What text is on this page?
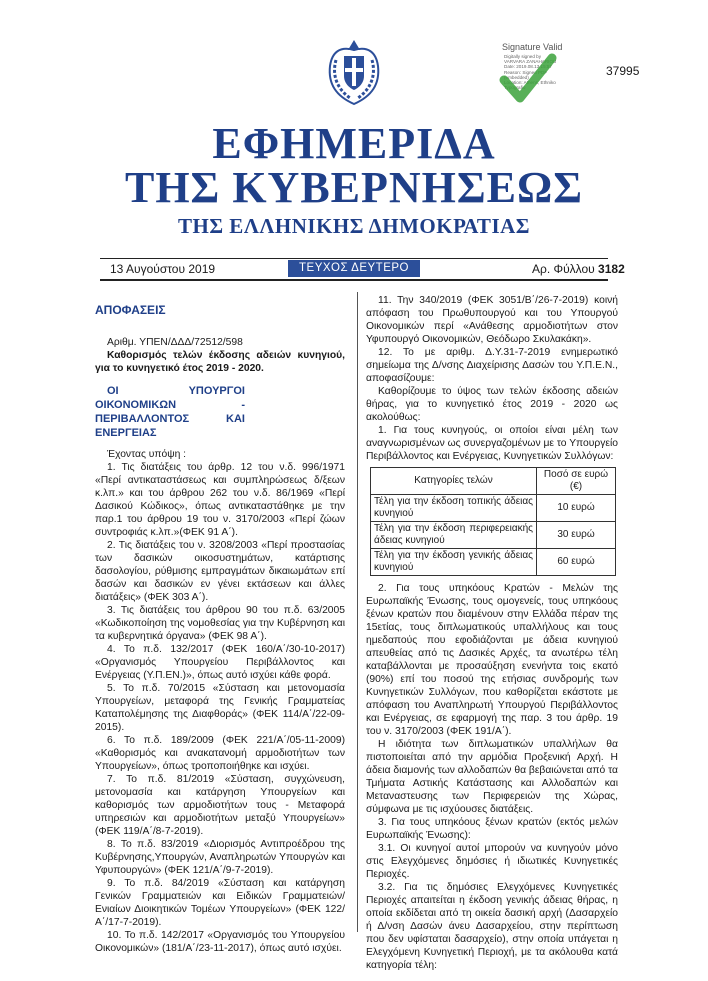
Signature Valid
Digitally signed by
VARVARA ZANAHARIOU
Date: 2019.08.13 15:57
Reason: Signed PDF
(embedded)
Location: Athens, Ethniko
Typografio
37995
ΕΦΗΜΕΡΙΔΑ
ΤΗΣ ΚΥΒΕΡΝΗΣΕΩΣ
ΤΗΣ ΕΛΛΗΝΙΚΗΣ ΔΗΜΟΚΡΑΤΙΑΣ
13 Αυγούστου 2019	ΤΕΥΧΟΣ ΔΕΥΤΕΡΟ	Αρ. Φύλλου 3182

ΑΠΟΦΑΣΕΙΣ

Αριθμ. ΥΠΕΝ/ΔΔΔ/72512/598

Καθορισμός τελών έκδοσης αδειών κυνηγιού, για το κυνηγετικό έτος 2019 - 2020.

ΟΙ ΥΠΟΥΡΓΟΙ ΟΙΚΟΝΟΜΙΚΩΝ - ΠΕΡΙΒΑΛΛΟΝΤΟΣ ΚΑΙ ΕΝΕΡΓΕΙΑΣ

Έχοντας υπόψη :

1. Τις διατάξεις του άρθρ. 12 του ν.δ. 996/1971 «Περί αντικαταστάσεως και συμπληρώσεως δ/ξεων κ.λπ.» και του άρθρου 262 του ν.δ. 86/1969 «Περί Δασικού Κώδικος», όπως αντικαταστάθηκε με την παρ.1 του άρθρου 19 του ν. 3170/2003 «Περί ζώων συντροφιάς κ.λπ.»(ΦΕΚ 91 Α΄).

2. Τις διατάξεις του ν. 3208/2003 «Περί προστασίας των δασικών οικοσυστημάτων, κατάρτισης δασολογίου, ρύθμισης εμπραγμάτων δικαιωμάτων επί δασών και δασικών εν γένει εκτάσεων και άλλες διατάξεις» (ΦΕΚ 303 Α΄).

3. Τις διατάξεις του άρθρου 90 του π.δ. 63/2005 «Κωδικοποίηση της νομοθεσίας για την Κυβέρνηση και τα κυβερνητικά όργανα» (ΦΕΚ 98 Α΄).

4. Το π.δ. 132/2017 (ΦΕΚ 160/Α΄/30-10-2017) «Οργανισμός Υπουργείου Περιβάλλοντος και Ενέργειας (Υ.Π.ΕΝ.)», όπως αυτό ισχύει κάθε φορά.

5. Το π.δ. 70/2015 «Σύσταση και μετονομασία Υπουργείων, μεταφορά της Γενικής Γραμματείας Καταπολέμησης της Διαφθοράς» (ΦΕΚ 114/Α΄/22-09-2015).

6. Το π.δ. 189/2009 (ΦΕΚ 221/Α΄/05-11-2009) «Καθορισμός και ανακατανομή αρμοδιοτήτων των Υπουργείων», όπως τροποποιήθηκε και ισχύει.

7. Το π.δ. 81/2019 «Σύσταση, συγχώνευση, μετονομασία και κατάργηση Υπουργείων και καθορισμός των αρμοδιοτήτων τους - Μεταφορά υπηρεσιών και αρμοδιοτήτων μεταξύ Υπουργείων» (ΦΕΚ 119/Α΄/8-7-2019).

8. Το π.δ. 83/2019 «Διορισμός Αντιπροέδρου της Κυβέρνησης,Υπουργών, Αναπληρωτών Υπουργών και Υφυπουργών» (ΦΕΚ 121/Α΄/9-7-2019).

9. Το π.δ. 84/2019 «Σύσταση και κατάργηση Γενικών Γραμματειών και Ειδικών Γραμματειών/Ενιαίων Διοικητικών Τομέων Υπουργείων» (ΦΕΚ 122/Α΄/17-7-2019).

10. Το π.δ. 142/2017 «Οργανισμός του Υπουργείου Οικονομικών» (181/Α΄/23-11-2017), όπως αυτό ισχύει.

11. Την 340/2019 (ΦΕΚ 3051/Β΄/26-7-2019) κοινή απόφαση του Πρωθυπουργού και του Υπουργού Οικονομικών περί «Ανάθεσης αρμοδιοτήτων στον Υφυπουργό Οικονομικών, Θεόδωρο Σκυλακάκη».

12. Το με αριθμ. Δ.Υ.31-7-2019 ενημερωτικό σημείωμα της Δ/νσης Διαχείρισης Δασών του Υ.Π.Ε.Ν., αποφασίζουμε:

Καθορίζουμε το ύψος των τελών έκδοσης αδειών θήρας, για το κυνηγετικό έτος 2019 - 2020 ως ακολούθως:

1. Για τους κυνηγούς, οι οποίοι είναι μέλη των αναγνωρισμένων ως συνεργαζομένων με το Υπουργείο Περιβάλλοντος και Ενέργειας, Κυνηγετικών Συλλόγων:

Κατηγορίες τελών	Ποσό σε ευρώ (€)
Τέλη για την έκδοση τοπικής άδειας κυνηγιού	10 ευρώ
Τέλη για την έκδοση περιφερειακής άδειας κυνηγιού	30 ευρώ
Τέλη για την έκδοση γενικής άδειας κυνηγιού	60 ευρώ

2. Για τους υπηκόους Κρατών - Μελών της Ευρωπαϊκής Ένωσης, τους ομογενείς, τους υπηκόους ξένων κρατών που διαμένουν στην Ελλάδα πέραν της 15ετίας, τους διπλωματικούς υπαλλήλους και τους ημεδαπούς που εφοδιάζονται με άδεια κυνηγιού απευθείας από τις Δασικές Αρχές, τα ανωτέρω τέλη καταβάλλονται με προσαύξηση ενενήντα τοις εκατό (90%) επί του ποσού της ετήσιας συνδρομής των Κυνηγετικών Συλλόγων, που καθορίζεται εκάστοτε με απόφαση του Αναπληρωτή Υπουργού Περιβάλλοντος και Ενέργειας, σε εφαρμογή της παρ. 3 του άρθρ. 19 του ν. 3170/2003 (ΦΕΚ 191/Α΄).

Η ιδιότητα των διπλωματικών υπαλλήλων θα πιστοποιείται από την αρμόδια Προξενική Αρχή. Η άδεια διαμονής των αλλοδαπών θα βεβαιώνεται από τα Τμήματα Αστικής Κατάστασης και Αλλοδαπών και Μεταναστευσης των Περιφερειών της Χώρας, σύμφωνα με τις ισχύουσες διατάξεις.

3. Για τους υπηκόους ξένων κρατών (εκτός μελών Ευρωπαϊκής Ένωσης):

3.1. Οι κυνηγοί αυτοί μπορούν να κυνηγούν μόνο στις Ελεγχόμενες δημόσιες ή ιδιωτικές Κυνηγετικές Περιοχές.

3.2. Για τις δημόσιες Ελεγχόμενες Κυνηγετικές Περιοχές απαιτείται η έκδοση γενικής άδειας θήρας, η οποία εκδίδεται από τη οικεία δασική αρχή (Δασαρχείο ή Δ/νση Δασών άνευ Δασαρχείου, στην περίπτωση που δεν υφίσταται δασαρχείο), στην οποία υπάγεται η Ελεγχόμενη Κυνηγετική Περιοχή, με τα ακόλουθα κατά κατηγορία τέλη:
